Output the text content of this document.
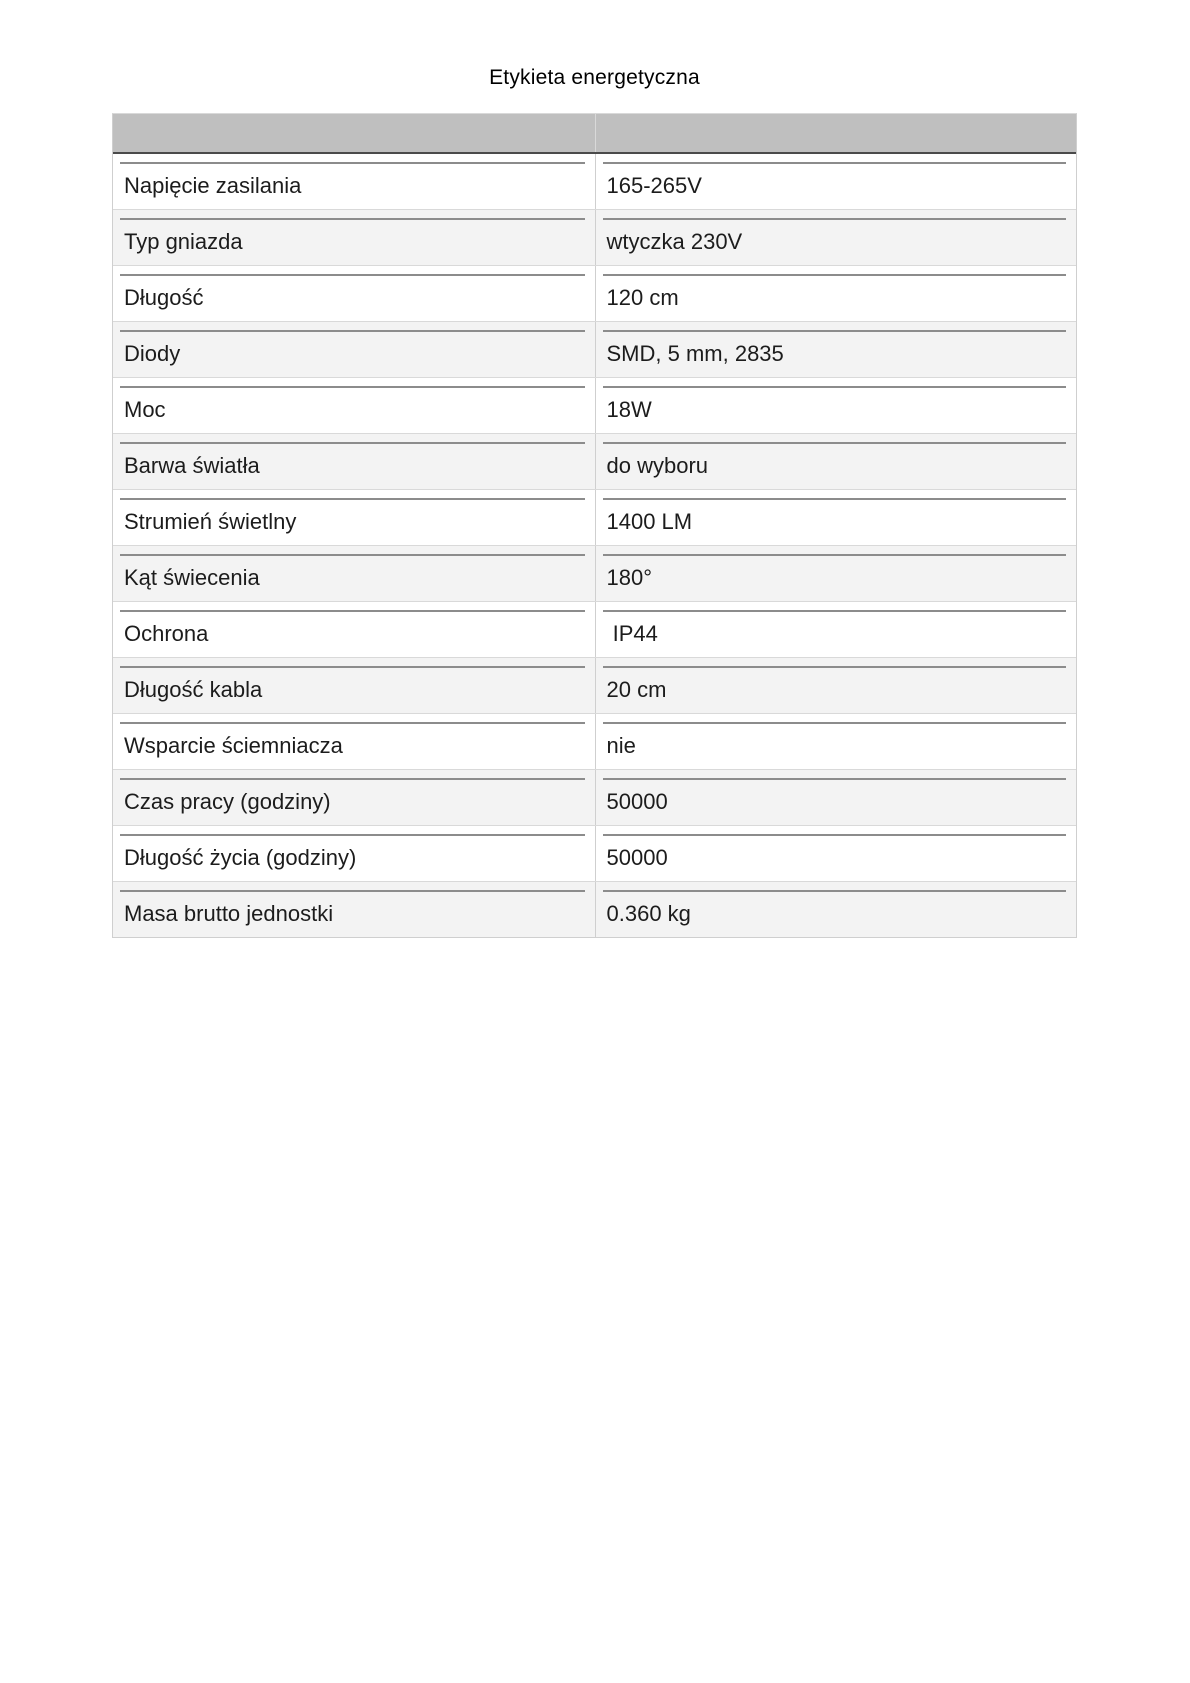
Etykieta energetyczna
Napięcie zasilania	165-265V
Typ gniazda	wtyczka 230V
Długość	120 cm
Diody	SMD, 5 mm, 2835
Moc	18W
Barwa światła	do wyboru
Strumień świetlny	1400 LM
Kąt świecenia	180°
Ochrona	IP44
Długość kabla	20 cm
Wsparcie ściemniacza	nie
Czas pracy (godziny)	50000
Długość życia (godziny)	50000
Masa brutto jednostki	0.360 kg
